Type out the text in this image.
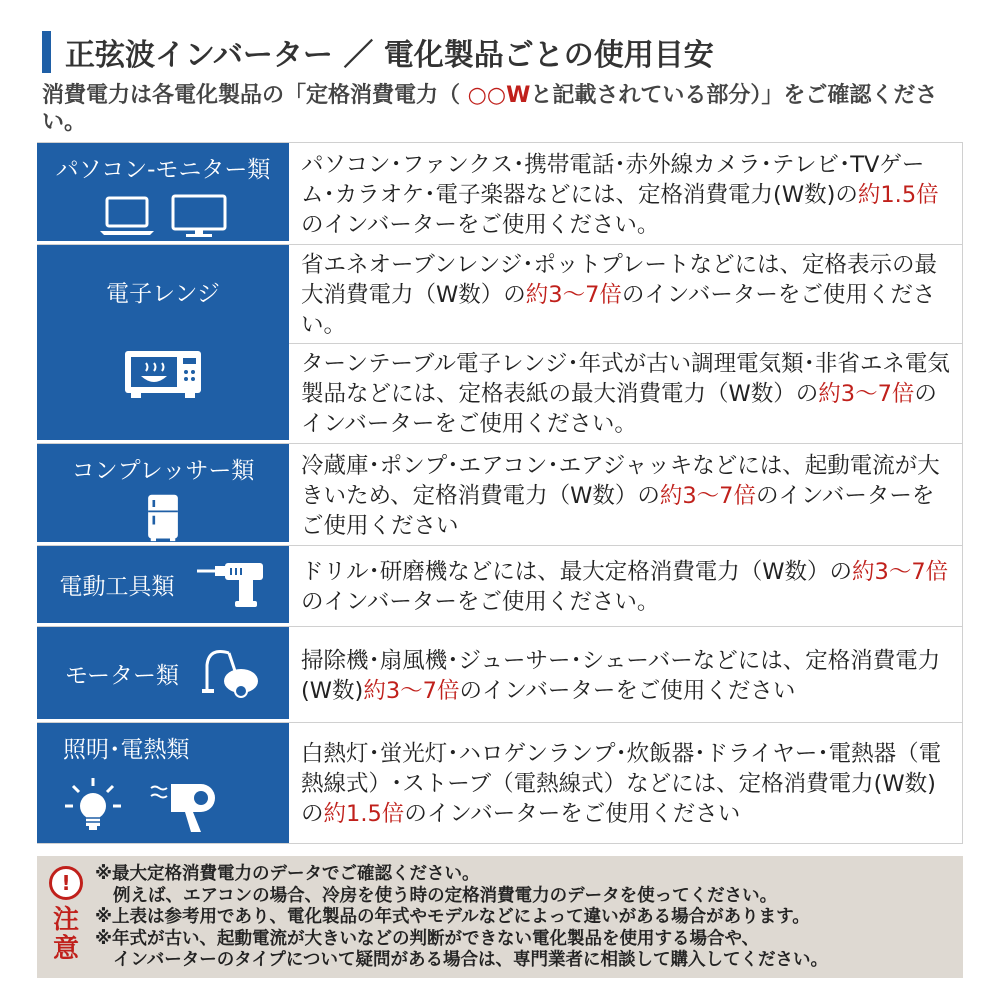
正弦波インバーター ／ 電化製品ごとの使用目安
消費電力は各電化製品の「定格消費電力（ ○○Wと記載されている部分）」をご確認ください。
パソコン-モニター類 パソコン･ファンクス･携帯電話･赤外線カメラ･テレビ･TVゲーム･カラオケ･電子楽器などには、定格消費電力(W数)の約1.5倍のインバーターをご使用ください。
電子レンジ
省エネオーブンレンジ･ポットプレートなどには、定格表示の最大消費電力（W数）の約3～7倍のインバーターをご使用ください。
ターンテーブル電子レンジ･年式が古い調理電気類･非省エネ電気製品などには、定格表紙の最大消費電力（W数）の約3～7倍のインバーターをご使用ください。
コンプレッサー類 冷蔵庫･ポンプ･エアコン･エアジャッキなどには、起動電流が大きいため、定格消費電力（W数）の約3～7倍のインバーターをご使用ください
電動工具類
ドリル･研磨機などには、最大定格消費電力（W数）の約3～7倍のインバーターをご使用ください。
モーター類
掃除機･扇風機･ジューサー･シェーバーなどには、定格消費電力(W数)約3～7倍のインバーターをご使用ください
照明･電熱類	白熱灯･蛍光灯･ハロゲンランプ･炊飯器･ドライヤー･電熱器（電熱線式）･ストーブ（電熱線式）などには、定格消費電力(W数)の約1.5倍のインバーターをご使用ください
!
注意
※最大定格消費電力のデータでご確認ください。
例えば、エアコンの場合、冷房を使う時の定格消費電力のデータを使ってください。
※上表は参考用であり、電化製品の年式やモデルなどによって違いがある場合があります。
※年式が古い、起動電流が大きいなどの判断ができない電化製品を使用する場合や、
インバーターのタイプについて疑問がある場合は、専門業者に相談して購入してください。
